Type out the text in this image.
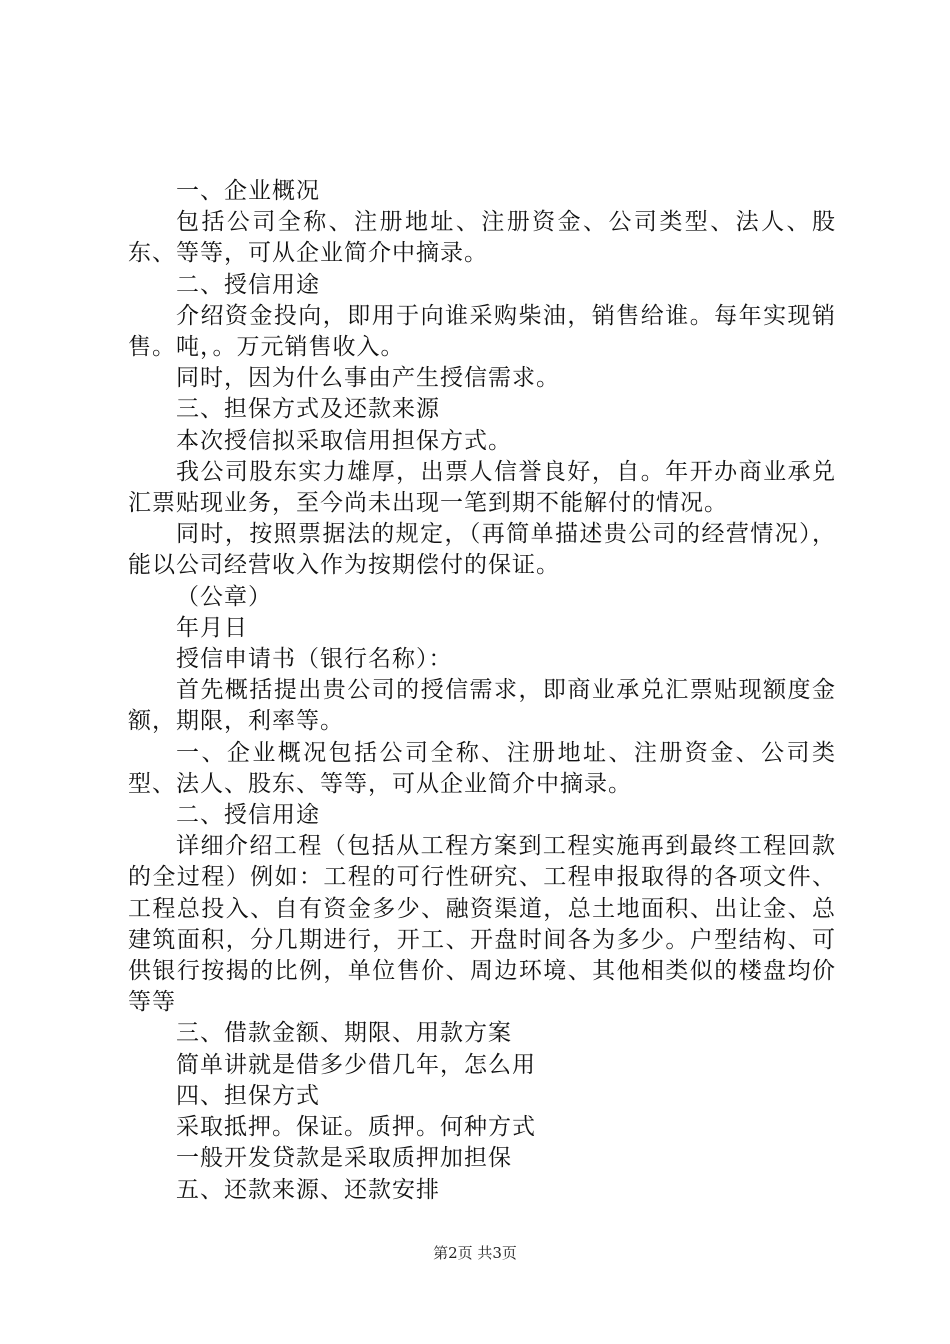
一、企业概况

包括公司全称、注册地址、注册资金、公司类型、法人、股东、等等，可从企业简介中摘录。

二、授信用途

介绍资金投向，即用于向谁采购柴油，销售给谁。每年实现销售。吨，。万元销售收入。

同时，因为什么事由产生授信需求。

三、担保方式及还款来源

本次授信拟采取信用担保方式。

我公司股东实力雄厚，出票人信誉良好，自。年开办商业承兑汇票贴现业务，至今尚未出现一笔到期不能解付的情况。

同时，按照票据法的规定，（再简单描述贵公司的经营情况），能以公司经营收入作为按期偿付的保证。

（公章）

年月日

授信申请书（银行名称）：

首先概括提出贵公司的授信需求，即商业承兑汇票贴现额度金额，期限，利率等。

一、企业概况包括公司全称、注册地址、注册资金、公司类型、法人、股东、等等，可从企业简介中摘录。

二、授信用途

详细介绍工程（包括从工程方案到工程实施再到最终工程回款的全过程）例如：工程的可行性研究、工程申报取得的各项文件、工程总投入、自有资金多少、融资渠道，总土地面积、出让金、总建筑面积，分几期进行，开工、开盘时间各为多少。户型结构、可供银行按揭的比例，单位售价、周边环境、其他相类似的楼盘均价等等

三、借款金额、期限、用款方案

简单讲就是借多少借几年，怎么用

四、担保方式

采取抵押。保证。质押。何种方式

一般开发贷款是采取质押加担保

五、还款来源、还款安排

第2页 共3页
